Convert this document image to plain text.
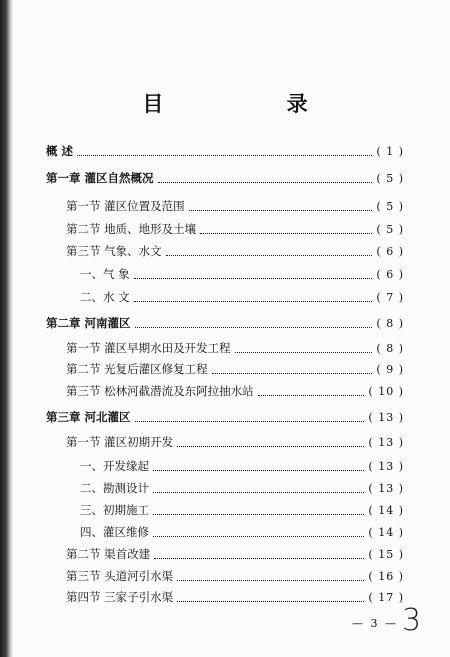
目 录
概 述	( 1 )
第一章 灌区自然概况	( 5 )
第一节 灌区位置及范围	( 5 )
第二节 地质、地形及土壤	( 5 )
第三节 气象、水文	( 6 )
一、气 象	( 6 )
二、水 文	( 7 )
第二章 河南灌区	( 8 )
第一节 灌区早期水田及开发工程	( 8 )
第二节 光复后灌区修复工程	( 9 )
第三节 松林河截潜流及东阿拉抽水站	( 10 )
第三章 河北灌区	( 13 )
第一节 灌区初期开发	( 13 )
一、开发缘起	( 13 )
二、勘测设计	( 13 )
三、初期施工	( 14 )
四、灌区维修	( 14 )
第二节 渠首改建	( 15 )
第三节 头道河引水渠	( 16 )
第四节 三家子引水渠	( 17 )
— 3 — 3
